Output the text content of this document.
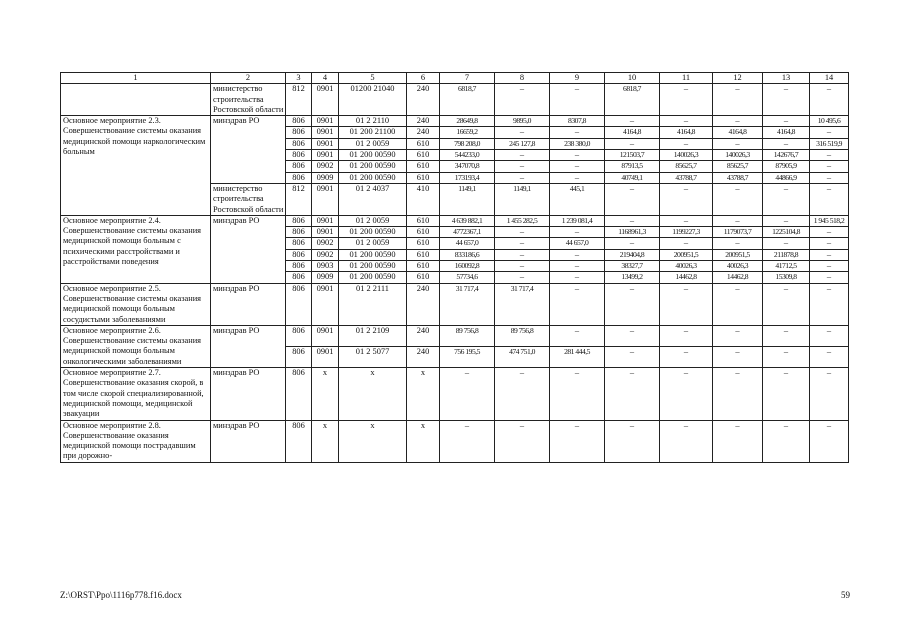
1	2	3	4	5	6	7	8	9	10	11	12	13	14
	министерство строительства Ростовской области	812	0901	01200 21040	240	6818,7	–	–	6818,7	–	–	–	–
Основное мероприятие 2.3. Совершенствование системы оказания медицинской помощи наркологическим больным	минздрав РО	806	0901	01 2 2110	240	28649,8	9895,0	8307,8	–	–	–	–	10 495,6
		806	0901	01 200 21100	240	16659,2	–	–	4164,8	4164,8	4164,8	4164,8	–
		806	0901	01 2 0059	610	798 208,0	245 127,8	238 380,0	–	–	–	–	316 519,9
		806	0901	01 200 00590	610	544233,0	–	–	121503,7	140026,3	140026,3	142676,7	–
		806	0902	01 200 00590	610	347070,8	–	–	87913,5	85625,7	85625,7	87905,9	–
		806	0909	01 200 00590	610	173193,4	–	–	40749,1	43788,7	43788,7	44866,9	–
	министерство строительства Ростовской области	812	0901	01 2 4037	410	1149,1	1149,1	445,1	–	–	–	–	–
Основное мероприятие 2.4. Совершенствование системы оказания медицинской помощи больным с психическими расстройствами и расстройствами поведения	минздрав РО	806	0901	01 2 0059	610	4 639 882,1	1 455 282,5	1 239 081,4	–	–	–	–	1 945 518,2
		806	0901	01 200 00590	610	4772367,1	–	–	1168961,3	1199227,3	1179073,7	1225104,8	–
		806	0902	01 2 0059	610	44 657,0	–	44 657,0	–	–	–	–	–
		806	0902	01 200 00590	610	833186,6	–	–	219404,8	200951,5	200951,5	211878,8	–
		806	0903	01 200 00590	610	160092,8	–	–	38327,7	40026,3	40026,3	41712,5	–
		806	0909	01 200 00590	610	57734,6	–	–	13499,2	14462,8	14462,8	15309,8	–
Основное мероприятие 2.5. Совершенствование системы оказания медицинской помощи больным сосудистыми заболеваниями	минздрав РО	806	0901	01 2 2111	240	31 717,4	31 717,4	–	–	–	–	–	–
Основное мероприятие 2.6. Совершенствование системы оказания медицинской помощи больным онкологическими заболеваниями	минздрав РО	806	0901	01 2 2109	240	89 756,8	89 756,8	–	–	–	–	–	–
		806	0901	01 2 5077	240	756 195,5	474 751,0	281 444,5	–	–	–	–	–
Основное мероприятие 2.7. Совершенствование оказания скорой, в том числе скорой специализированной, медицинской помощи, медицинской эвакуации	минздрав РО	806	х	х	х	–	–	–	–	–	–	–	–
Основное мероприятие 2.8. Совершенствование оказания медицинской помощи пострадавшим при дорожно-	минздрав РО	806	х	х	х	–	–	–	–	–	–	–	–
Z:\ORST\Ppo\1116p778.f16.docx	59
